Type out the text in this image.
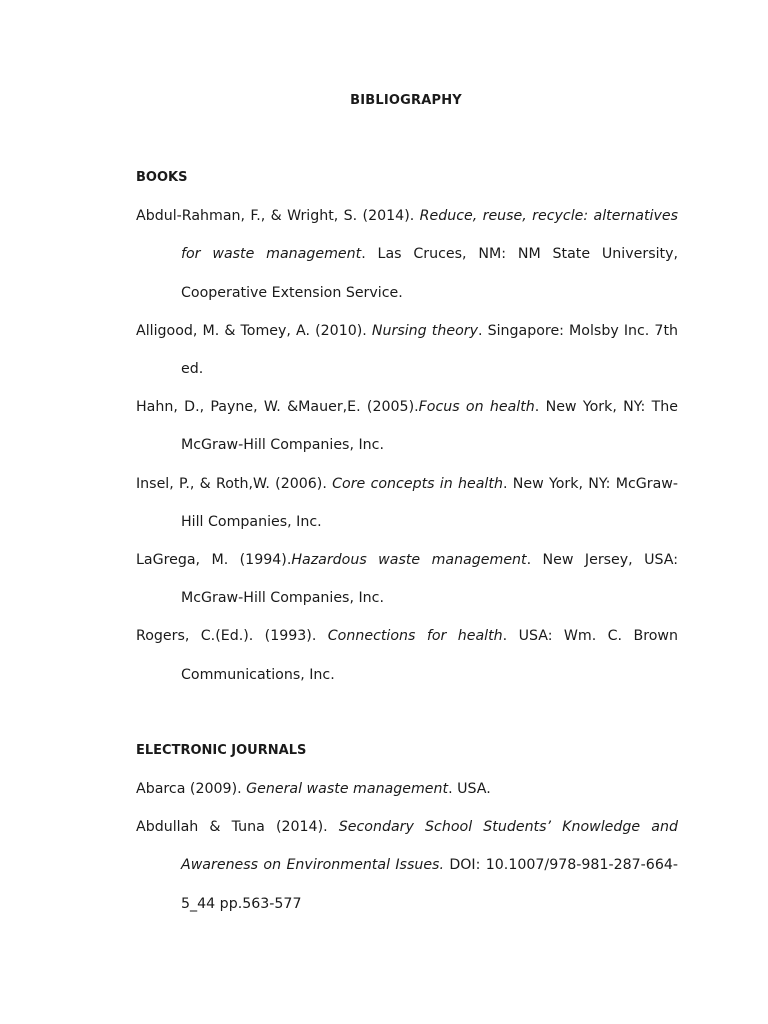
BIBLIOGRAPHY
BOOKS

Abdul-Rahman, F., & Wright, S. (2014). Reduce, reuse, recycle: alternatives for waste management. Las Cruces, NM: NM State University, Cooperative Extension Service.

Alligood, M. & Tomey, A. (2010). Nursing theory. Singapore: Molsby Inc. 7th ed.

Hahn, D., Payne, W. &Mauer,E. (2005).Focus on health. New York, NY: The McGraw-Hill Companies, Inc.

Insel, P., & Roth,W. (2006). Core concepts in health. New York, NY: McGraw-Hill Companies, Inc.

LaGrega, M. (1994).Hazardous waste management. New Jersey, USA: McGraw-Hill Companies, Inc.

Rogers, C.(Ed.). (1993). Connections for health. USA: Wm. C. Brown Communications, Inc.

ELECTRONIC JOURNALS

Abarca (2009). General waste management. USA.

Abdullah & Tuna (2014). Secondary School Students’ Knowledge and Awareness on Environmental Issues. DOI: 10.1007/978-981-287-664-5_44 pp.563-577
